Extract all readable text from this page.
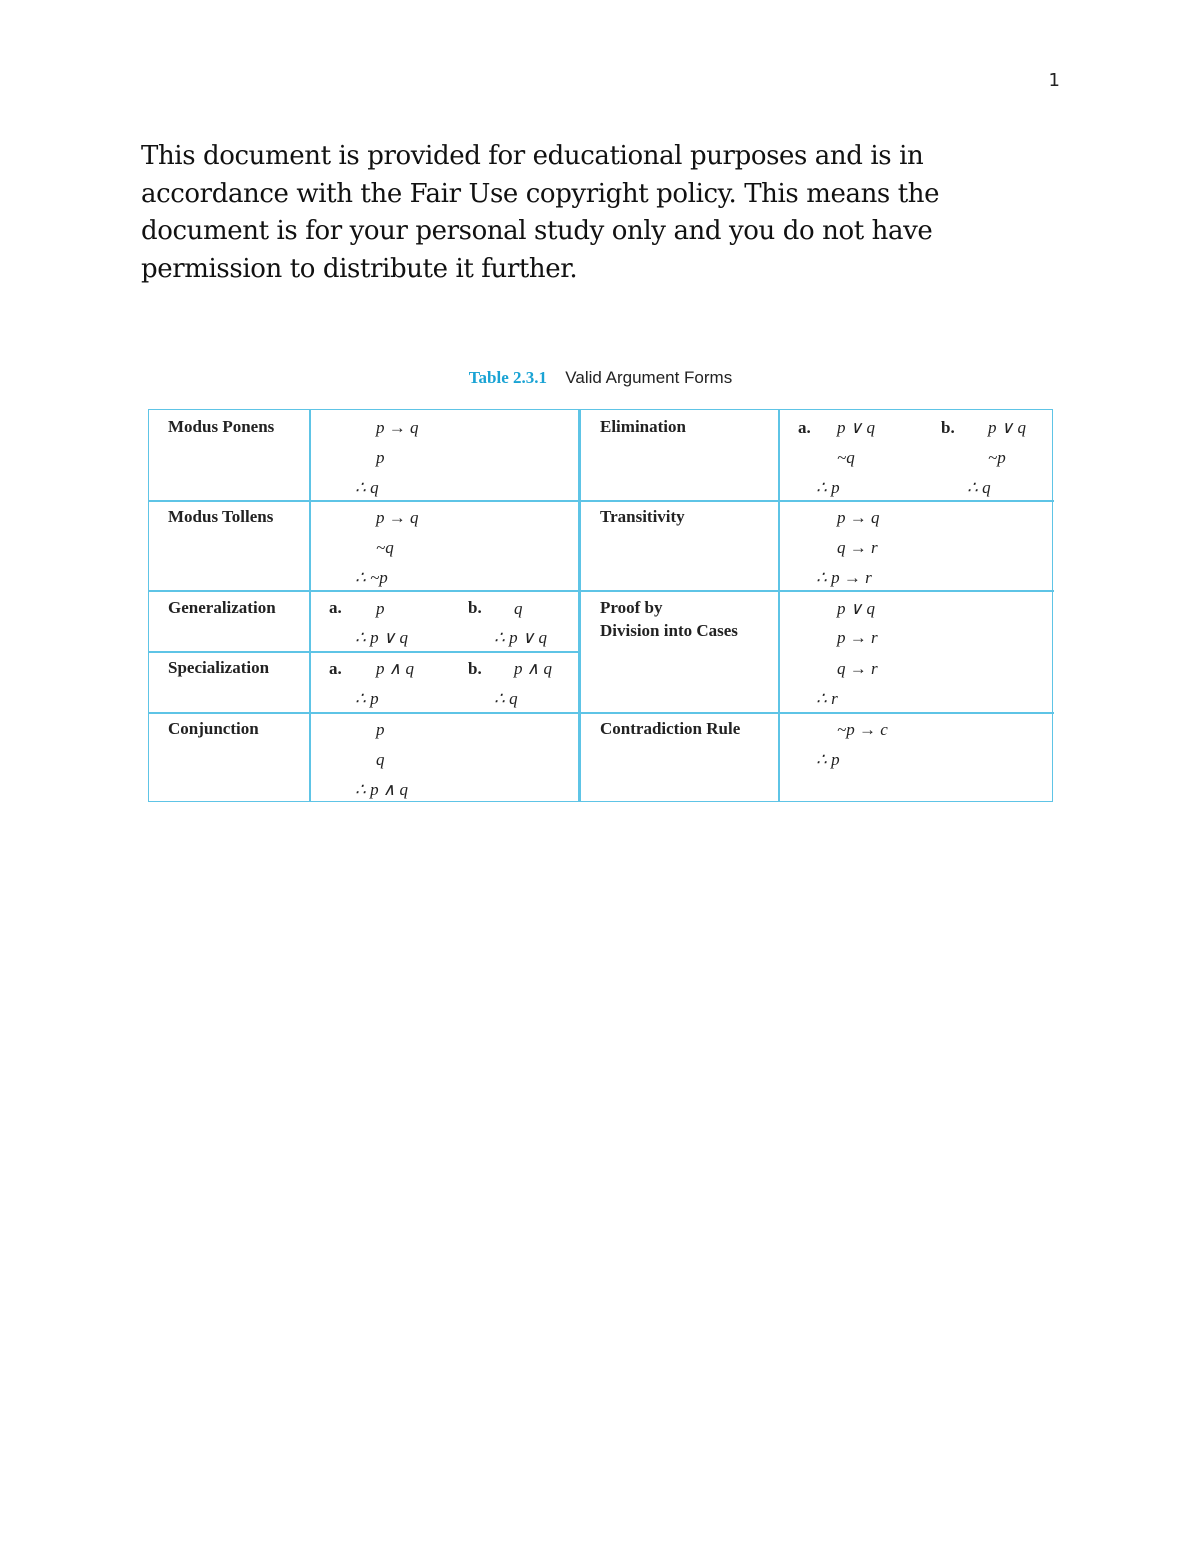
1

This document is provided for educational purposes and is in

accordance with the Fair Use copyright policy. This means the

document is for your personal study only and you do not have

permission to distribute it further.

Table 2.3.1 Valid Argument Forms
Modus Ponens	p → q
p
∴ q
Modus Tollens	p → q
~q
∴ ~p
Generalization	a. p
∴ p ∨ q
b. q
∴ p ∨ q
Specialization	a. p ∧ q
∴ p
b. p ∧ q
∴ q
Conjunction	p
q
∴ p ∧ q
Elimination	a. p ∨ q
~q
∴ p
b. p ∨ q
~p
∴ q
Transitivity	p → q
q → r
∴ p → r
Proof by
Division into Cases
p ∨ q
p → r
q → r
∴ r
Contradiction Rule	~p → c
∴ p
